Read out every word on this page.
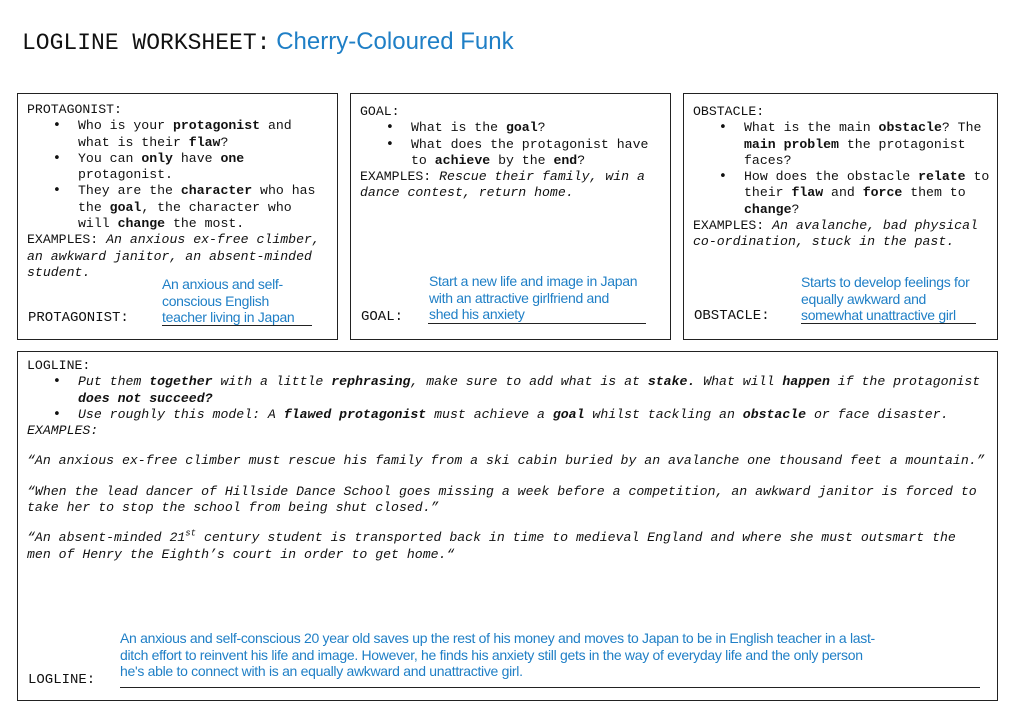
LOGLINE WORKSHEET: Cherry-Coloured Funk
PROTAGONIST:
• Who is your protagonist and what is their flaw?
• You can only have one protagonist.
• They are the character who has the goal, the character who will change the most.
EXAMPLES: An anxious ex-free climber, an awkward janitor, an absent-minded student.
PROTAGONIST:
An anxious and self-conscious English teacher living in Japan
GOAL:
• What is the goal?
• What does the protagonist have to achieve by the end?
EXAMPLES: Rescue their family, win a dance contest, return home.
GOAL:
Start a new life and image in Japan with an attractive girlfriend and shed his anxiety
OBSTACLE:
• What is the main obstacle? The main problem the protagonist faces?
• How does the obstacle relate to their flaw and force them to change?
EXAMPLES: An avalanche, bad physical co-ordination, stuck in the past.
OBSTACLE:
Starts to develop feelings for equally awkward and somewhat unattractive girl
LOGLINE:
• Put them together with a little rephrasing, make sure to add what is at stake. What will happen if the protagonist does not succeed?
• Use roughly this model: A flawed protagonist must achieve a goal whilst tackling an obstacle or face disaster.
EXAMPLES:
“An anxious ex-free climber must rescue his family from a ski cabin buried by an avalanche one thousand feet a mountain.”
“When the lead dancer of Hillside Dance School goes missing a week before a competition, an awkward janitor is forced to take her to stop the school from being shut closed.”
“An absent-minded 21st century student is transported back in time to medieval England and where she must outsmart the men of Henry the Eighth’s court in order to get home.“
LOGLINE:
An anxious and self-conscious 20 year old saves up the rest of his money and moves to Japan to be in English teacher in a last-ditch effort to reinvent his life and image. However, he finds his anxiety still gets in the way of everyday life and the only person he's able to connect with is an equally awkward and unattractive girl.
